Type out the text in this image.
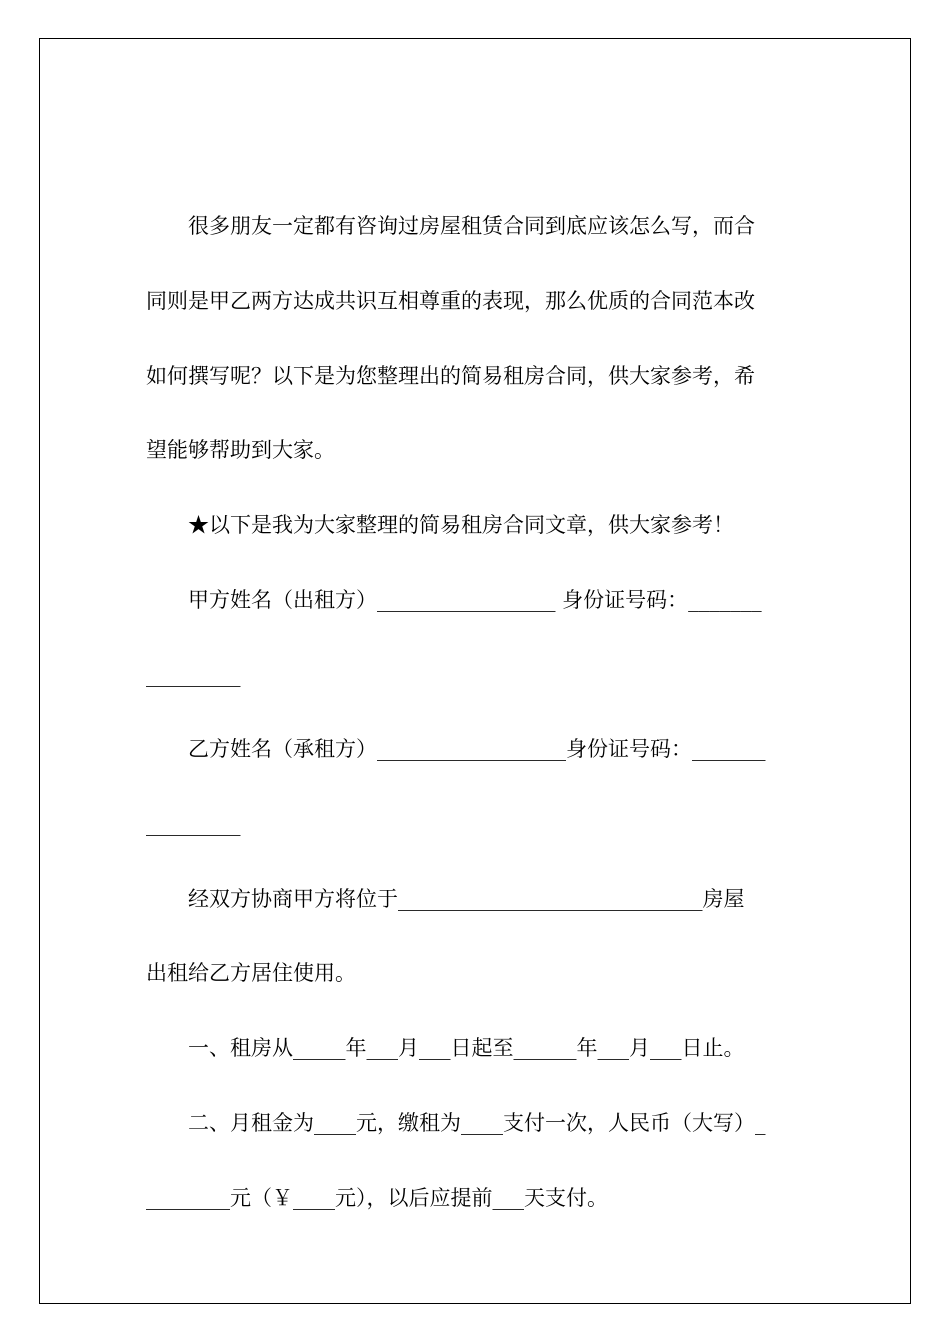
　　很多朋友一定都有咨询过房屋租赁合同到底应该怎么写，而合
同则是甲乙两方达成共识互相尊重的表现，那么优质的合同范本改
如何撰写呢？以下是为您整理出的简易租房合同，供大家参考，希
望能够帮助到大家。
　　★以下是我为大家整理的简易租房合同文章，供大家参考！
　　甲方姓名（出租方）_________________ 身份证号码：_______
_________
　　乙方姓名（承租方）__________________身份证号码：_______
_________
　　经双方协商甲方将位于_____________________________房屋
出租给乙方居住使用。
　　一、租房从_____年___月___日起至______年___月___日止。
　　二、月租金为____元，缴租为____支付一次，人民币（大写）_
________元（￥____元），以后应提前___天支付。
